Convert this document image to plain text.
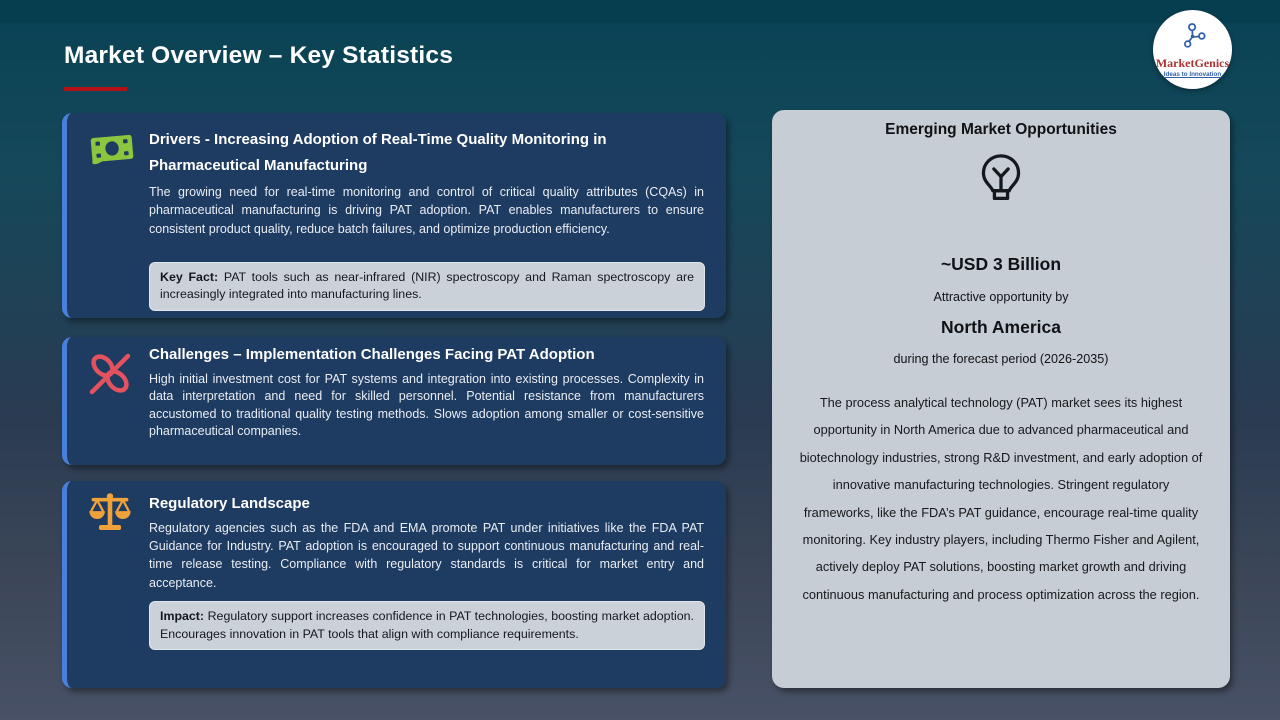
Market Overview – Key Statistics	MarketGenics
Ideas to Innovation
Drivers - Increasing Adoption of Real-Time Quality Monitoring in Pharmaceutical Manufacturing

The growing need for real-time monitoring and control of critical quality attributes (CQAs) in pharmaceutical manufacturing is driving PAT adoption. PAT enables manufacturers to ensure consistent product quality, reduce batch failures, and optimize production efficiency.

Key Fact: PAT tools such as near-infrared (NIR) spectroscopy and Raman spectroscopy are increasingly integrated into manufacturing lines.
Challenges – Implementation Challenges Facing PAT Adoption

High initial investment cost for PAT systems and integration into existing processes. Complexity in data interpretation and need for skilled personnel. Potential resistance from manufacturers accustomed to traditional quality testing methods. Slows adoption among smaller or cost-sensitive pharmaceutical companies.

Regulatory Landscape

Regulatory agencies such as the FDA and EMA promote PAT under initiatives like the FDA PAT Guidance for Industry. PAT adoption is encouraged to support continuous manufacturing and real-time release testing. Compliance with regulatory standards is critical for market entry and acceptance.

Impact: Regulatory support increases confidence in PAT technologies, boosting market adoption. Encourages innovation in PAT tools that align with compliance requirements.
Emerging Market Opportunities
~USD 3 Billion
Attractive opportunity by
North America
during the forecast period (2026-2035)

The process analytical technology (PAT) market sees its highest opportunity in North America due to advanced pharmaceutical and biotechnology industries, strong R&D investment, and early adoption of innovative manufacturing technologies. Stringent regulatory frameworks, like the FDA’s PAT guidance, encourage real-time quality monitoring. Key industry players, including Thermo Fisher and Agilent, actively deploy PAT solutions, boosting market growth and driving continuous manufacturing and process optimization across the region.
